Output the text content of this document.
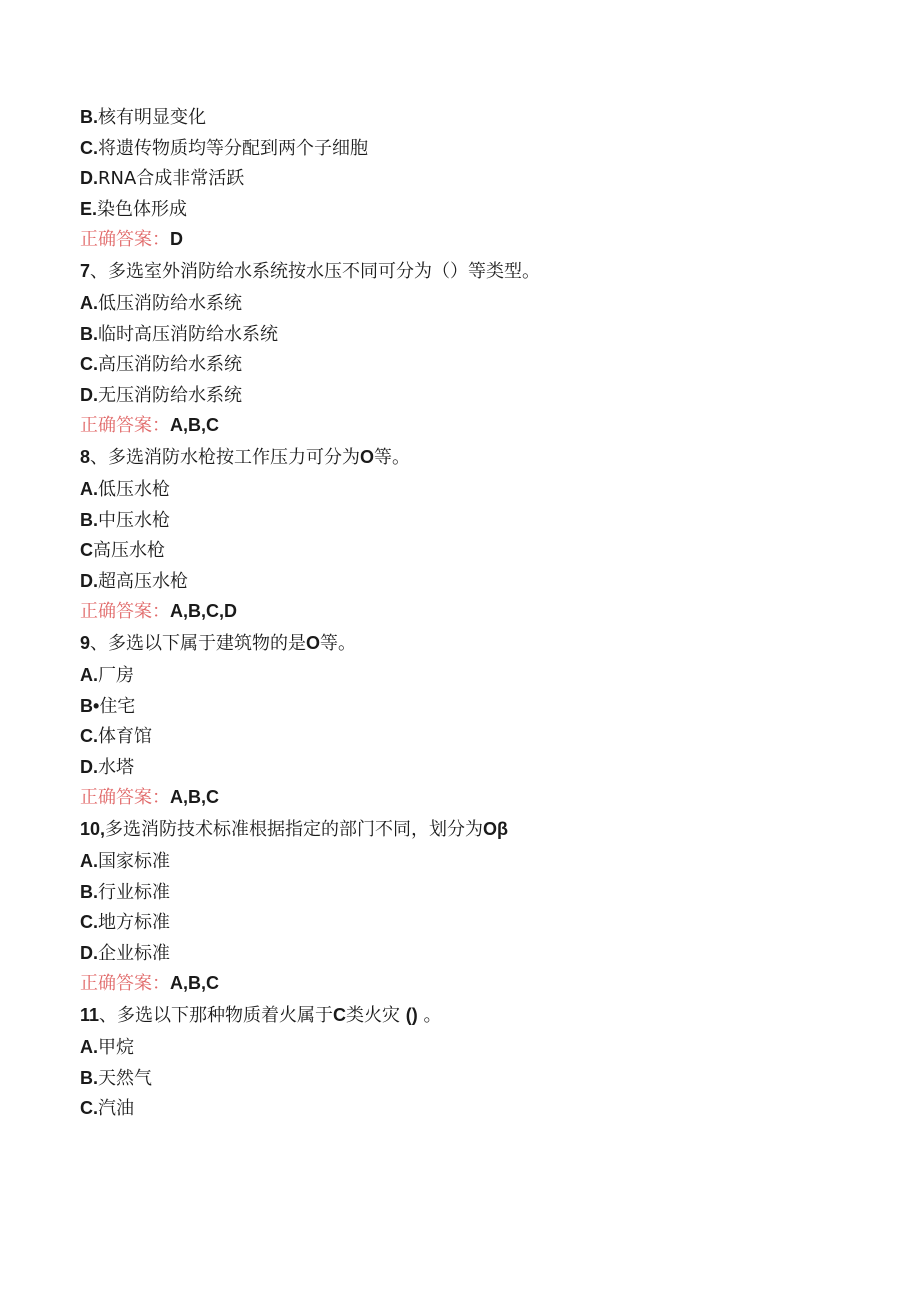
B.核有明显变化
C.将遗传物质均等分配到两个子细胞
D.RNA合成非常活跃
E.染色体形成
正确答案：D
7、多选室外消防给水系统按水压不同可分为（）等类型。
A.低压消防给水系统
B.临时高压消防给水系统
C.高压消防给水系统
D.无压消防给水系统
正确答案：A,B,C
8、多选消防水枪按工作压力可分为O等。
A.低压水枪
B.中压水枪
C高压水枪
D.超高压水枪
正确答案：A,B,C,D
9、多选以下属于建筑物的是O等。
A.厂房
B•住宅
C.体育馆
D.水塔
正确答案：A,B,C
10,多选消防技术标准根据指定的部门不同，划分为Oβ
A.国家标准
B.行业标准
C.地方标准
D.企业标准
正确答案：A,B,C
11、多选以下那种物质着火属于C类火灾 () 。
A.甲烷
B.天然气
C.汽油
